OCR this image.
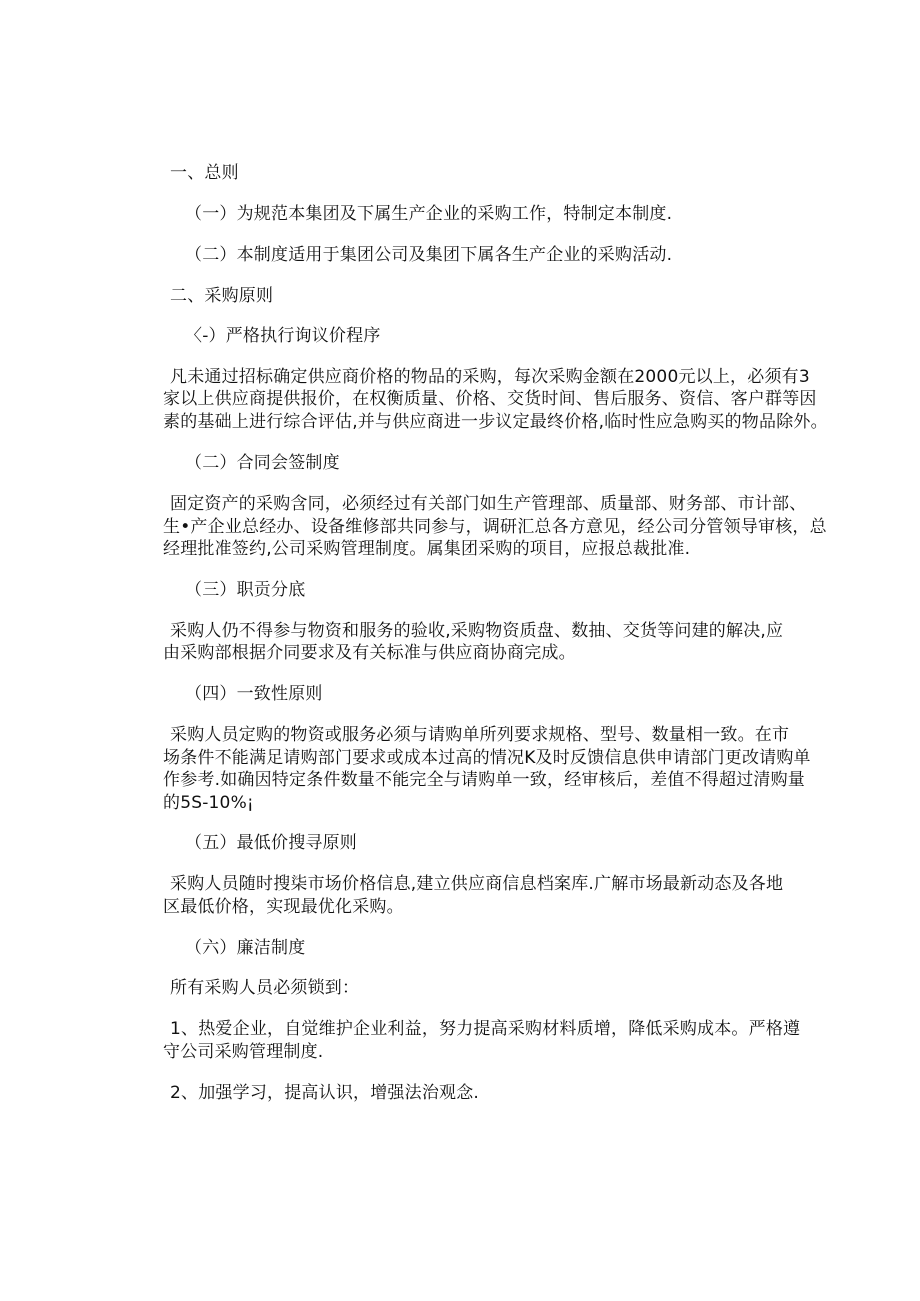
一、总则
（一）为规范本集团及下属生产企业的采购工作，特制定本制度.
（二）本制度适用于集团公司及集团下属各生产企业的采购活动.
二、采购原则
〈-）严格执行询议价程序
凡未通过招标确定供应商价格的物品的采购，每次采购金额在2000元以上，必须有3
家以上供应商提供报价，在权衡质量、价格、交货时间、售后服务、资信、客户群等因
素的基础上进行综合评估,并与供应商进一步议定最终价格,临时性应急购买的物品除外。
（二）合同会签制度
固定资产的采购含同，必须经过有关部门如生产管理部、质量部、财务部、市计部、
生•产企业总经办、设备维修部共同参与，调研汇总各方意见，经公司分管领导审核，总
经理批准签约,公司采购管理制度。属集团采购的项目，应报总裁批准.
（三）职贡分底
采购人仍不得参与物资和服务的验收,采购物资质盘、数抽、交货等问建的解决,应
由采购部根据介同要求及有关标准与供应商协商完成。
（四）一致性原则
采购人员定购的物资或服务必须与请购单所列要求规格、型号、数量相一致。在市
场条件不能满足请购部门要求或成本过高的情况K及时反馈信息供申请部门更改请购单
作参考.如确因特定条件数量不能完全与请购单一致，经审核后，差值不得超过清购量
的5S-10%¡
（五）最低价搜寻原则
采购人员随时搜柒市场价格信息,建立供应商信息档案库.广解市场最新动态及各地
区最低价格，实现最优化采购。
（六）廉洁制度
所有采购人员必须锁到：
1、热爱企业，自觉维护企业利益，努力提高采购材料质增，降低采购成本。严格遵
守公司采购管理制度.
2、加强学习，提高认识，增强法治观念.
